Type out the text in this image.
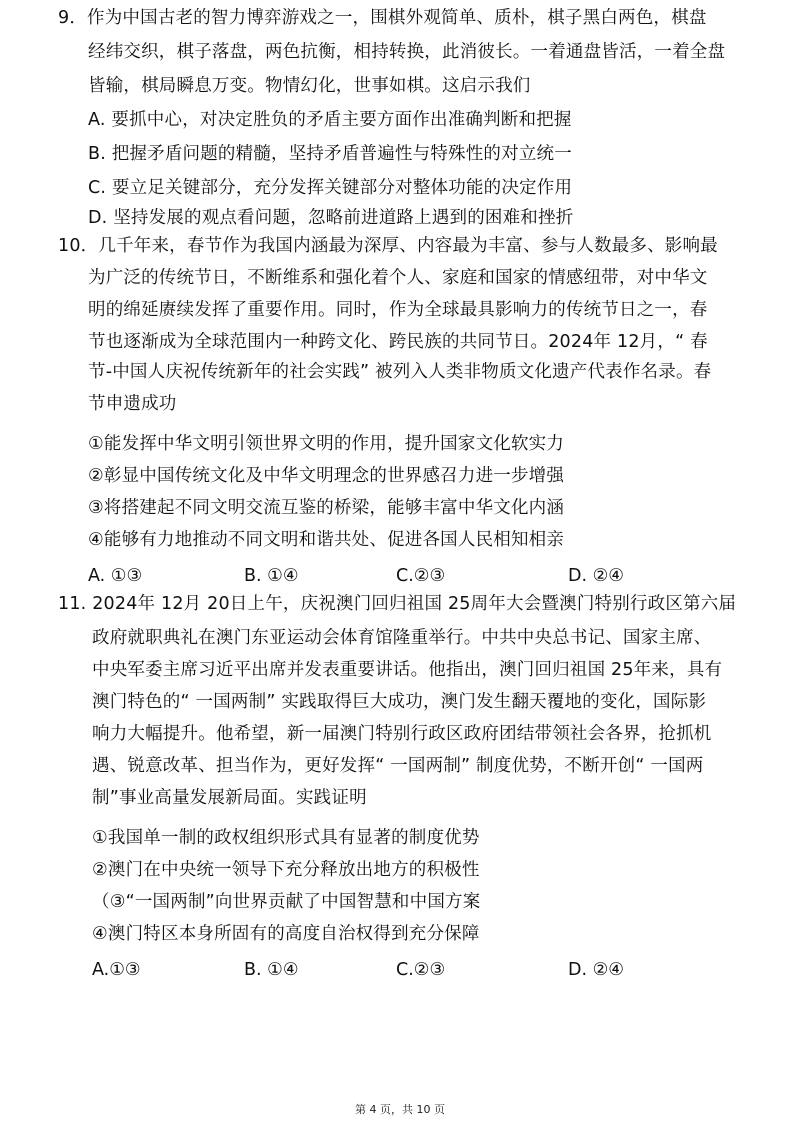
9．作为中国古老的智力博弈游戏之一，围棋外观简单、质朴，棋子黑白两色，棋盘
经纬交织，棋子落盘，两色抗衡，相持转换，此消彼长。一着通盘皆活，一着全盘
皆输，棋局瞬息万变。物情幻化，世事如棋。这启示我们
A. 要抓中心，对决定胜负的矛盾主要方面作出准确判断和把握
B. 把握矛盾问题的精髓，坚持矛盾普遍性与特殊性的对立统一
C. 要立足关键部分，充分发挥关键部分对整体功能的决定作用
D. 坚持发展的观点看问题，忽略前进道路上遇到的困难和挫折
10．几千年来，春节作为我国内涵最为深厚、内容最为丰富、参与人数最多、影响最
为广泛的传统节日，不断维系和强化着个人、家庭和国家的情感纽带，对中华文
明的绵延赓续发挥了重要作用。同时，作为全球最具影响力的传统节日之一，春
节也逐渐成为全球范围内一种跨文化、跨民族的共同节日。2024年 12月，“ 春
节-中国人庆祝传统新年的社会实践” 被列入人类非物质文化遗产代表作名录。春
节申遗成功
①能发挥中华文明引领世界文明的作用，提升国家文化软实力
②彰显中国传统文化及中华文明理念的世界感召力进一步增强
③将搭建起不同文明交流互鉴的桥梁，能够丰富中华文化内涵
④能够有力地推动不同文明和谐共处、促进各国人民相知相亲
A. ①③	B. ①④	C.②③	D. ②④
11. 2024年 12月 20日上午，庆祝澳门回归祖国 25周年大会暨澳门特别行政区第六届
政府就职典礼在澳门东亚运动会体育馆隆重举行。中共中央总书记、国家主席、
中央军委主席习近平出席并发表重要讲话。他指出，澳门回归祖国 25年来，具有
澳门特色的“ 一国两制” 实践取得巨大成功，澳门发生翻天覆地的变化，国际影
响力大幅提升。他希望，新一届澳门特别行政区政府团结带领社会各界，抢抓机
遇、锐意改革、担当作为，更好发挥“ 一国两制” 制度优势，不断开创“ 一国两
制”事业高量发展新局面。实践证明
①我国单一制的政权组织形式具有显著的制度优势
②澳门在中央统一领导下充分释放出地方的积极性
（③“一国两制”向世界贡献了中国智慧和中国方案
④澳门特区本身所固有的高度自治权得到充分保障
A.①③	B. ①④	C.②③	D. ②④
第 4 页，共 10 页
